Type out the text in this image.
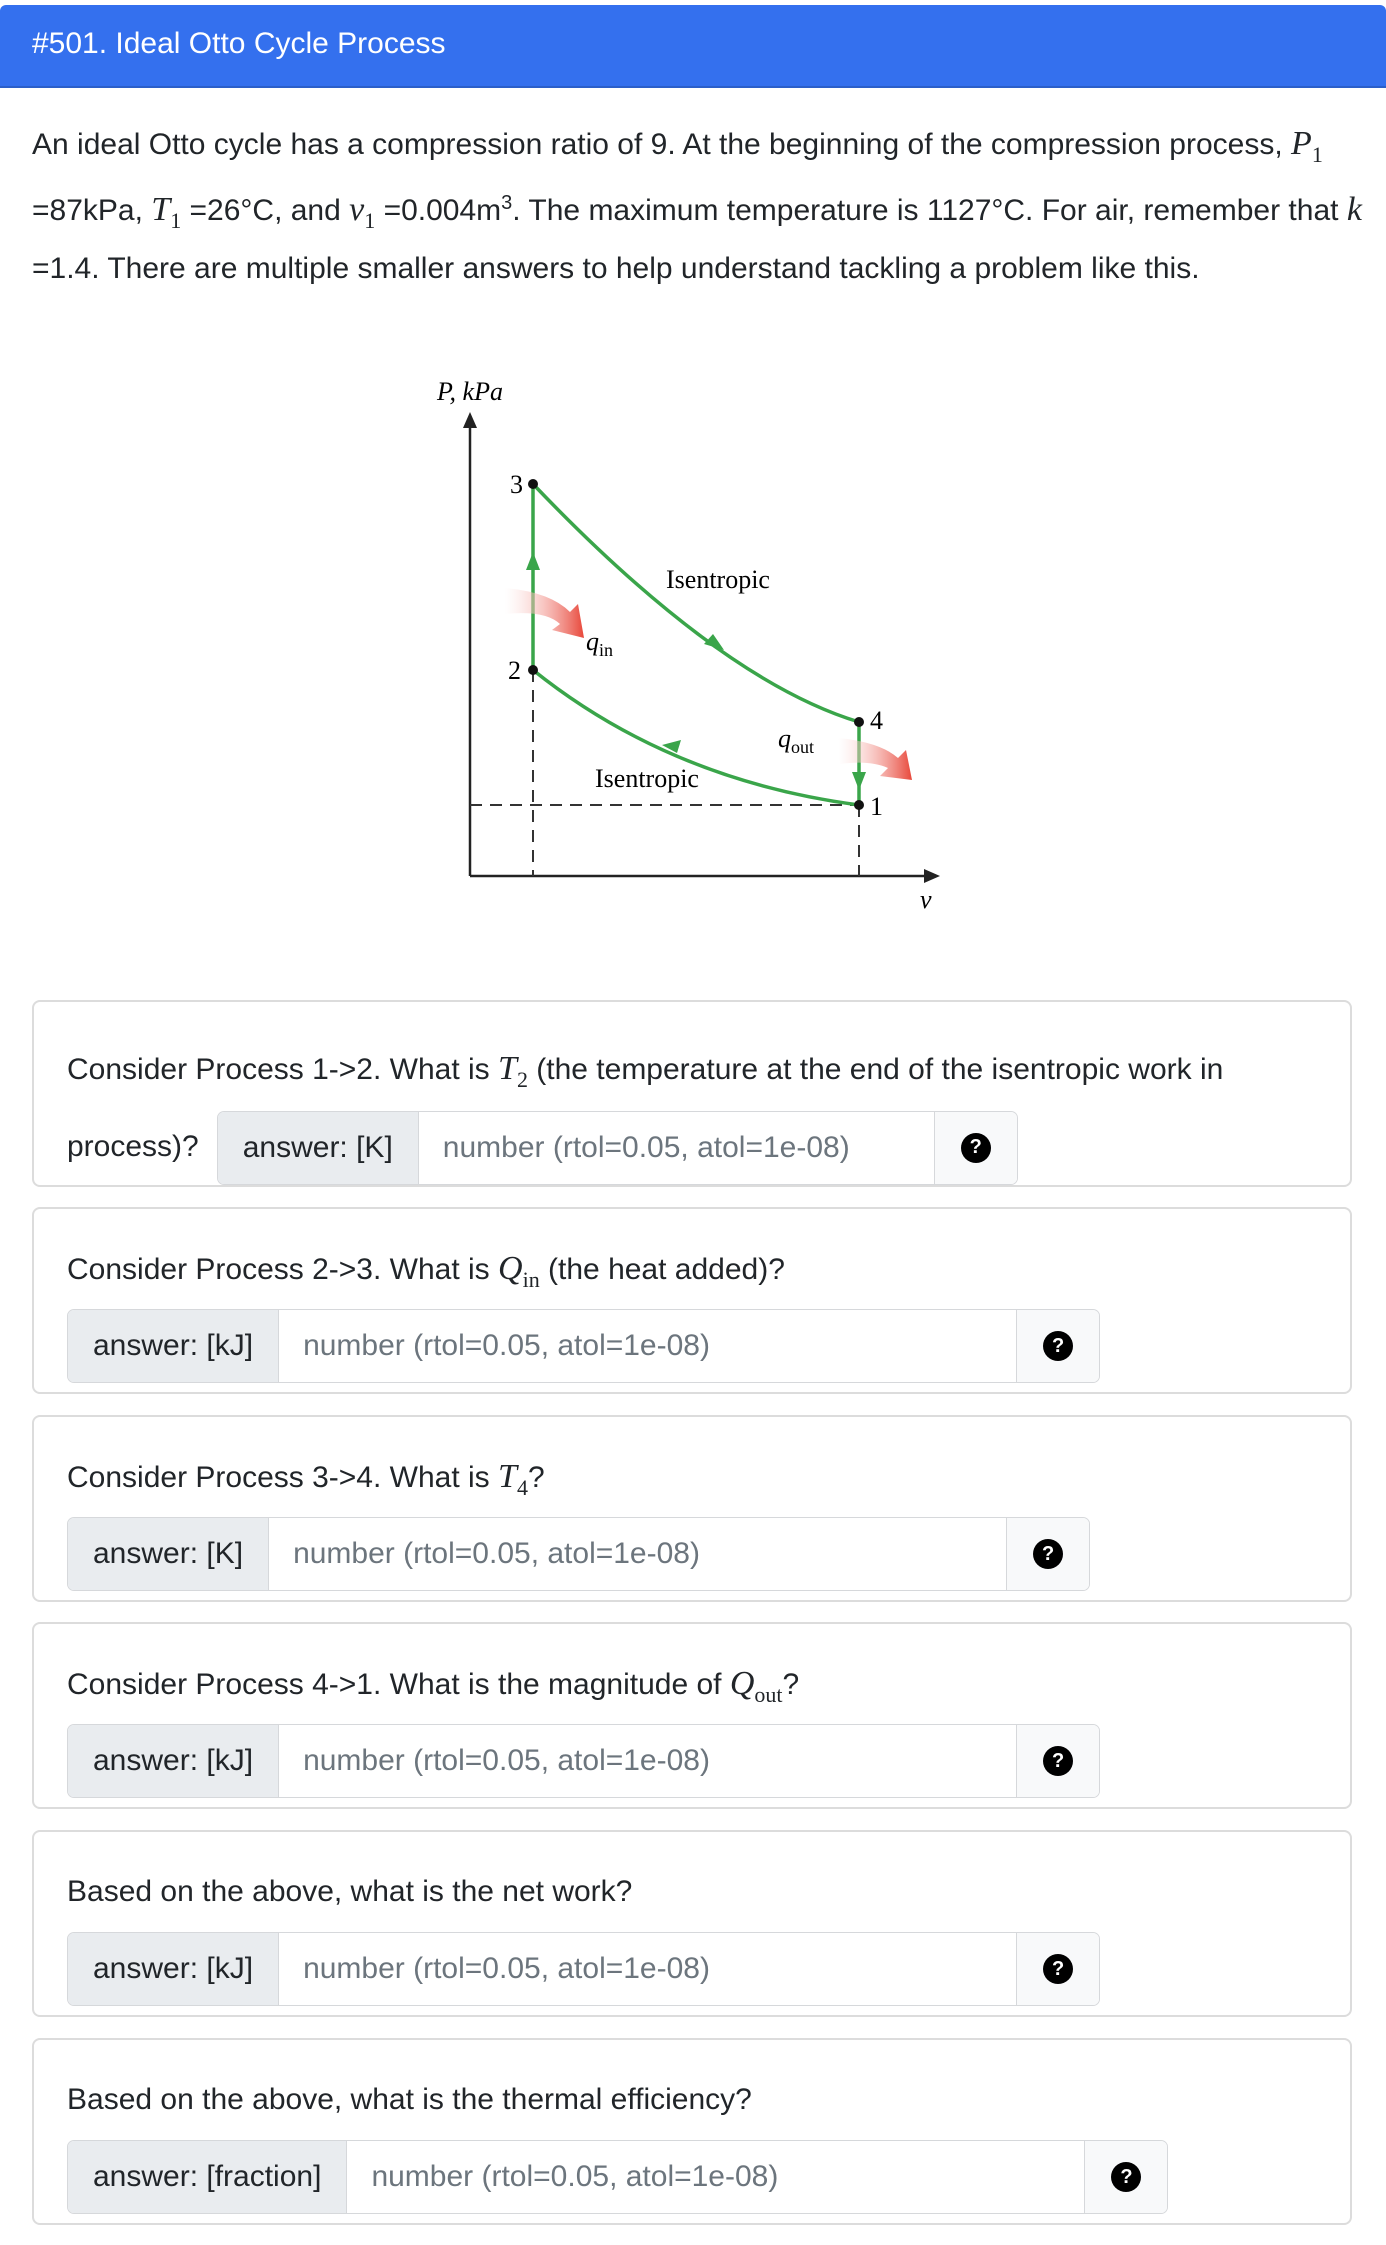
#501. Ideal Otto Cycle Process
An ideal Otto cycle has a compression ratio of 9. At the beginning of the compression process, $P_1 =87kPa$, $T_1 =26^\circ C$, and $v_1 =0.004m^3$. The maximum temperature is 1127°C. For air, remember that k =1.4. There are multiple smaller answers to help understand tackling a problem like this.
P, kPa
v
Isentropic
Isentropic
$q_{in}$
$q_{out}$
3
2
4
1
Consider Process 1->2. What is $T_2$ (the temperature at the end of the isentropic work in process)?	answer: [K]	number (rtol=0.05, atol=1e-08)	?
Consider Process 2->3. What is $Q_{in}$ (the heat added)?
answer: [kJ]	number (rtol=0.05, atol=1e-08)	?
Consider Process 3->4. What is $T_4$?
answer: [K]	number (rtol=0.05, atol=1e-08)	?
Consider Process 4->1. What is the magnitude of $Q_{out}$?
answer: [kJ]	number (rtol=0.05, atol=1e-08)	?
Based on the above, what is the net work?
answer: [kJ]	number (rtol=0.05, atol=1e-08)	?
Based on the above, what is the thermal efficiency?
answer: [fraction]	number (rtol=0.05, atol=1e-08)	?
